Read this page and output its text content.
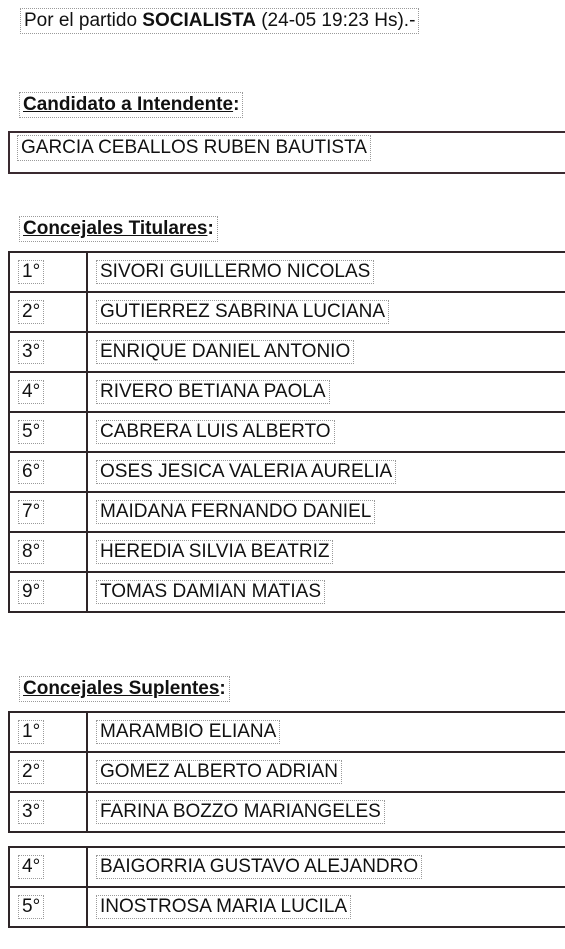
Por el partido SOCIALISTA (24-05 19:23 Hs).-
Candidato a Intendente:
GARCIA CEBALLOS RUBEN BAUTISTA
Concejales Titulares:
1°	SIVORI GUILLERMO NICOLAS
2°	GUTIERREZ SABRINA LUCIANA
3°	ENRIQUE DANIEL ANTONIO
4°	RIVERO BETIANA PAOLA
5°	CABRERA LUIS ALBERTO
6°	OSES JESICA VALERIA AURELIA
7°	MAIDANA FERNANDO DANIEL
8°	HEREDIA SILVIA BEATRIZ
9°	TOMAS DAMIAN MATIAS
Concejales Suplentes:
1°	MARAMBIO ELIANA
2°	GOMEZ ALBERTO ADRIAN
3°	FARINA BOZZO MARIANGELES
4°	BAIGORRIA GUSTAVO ALEJANDRO
5°	INOSTROSA MARIA LUCILA
